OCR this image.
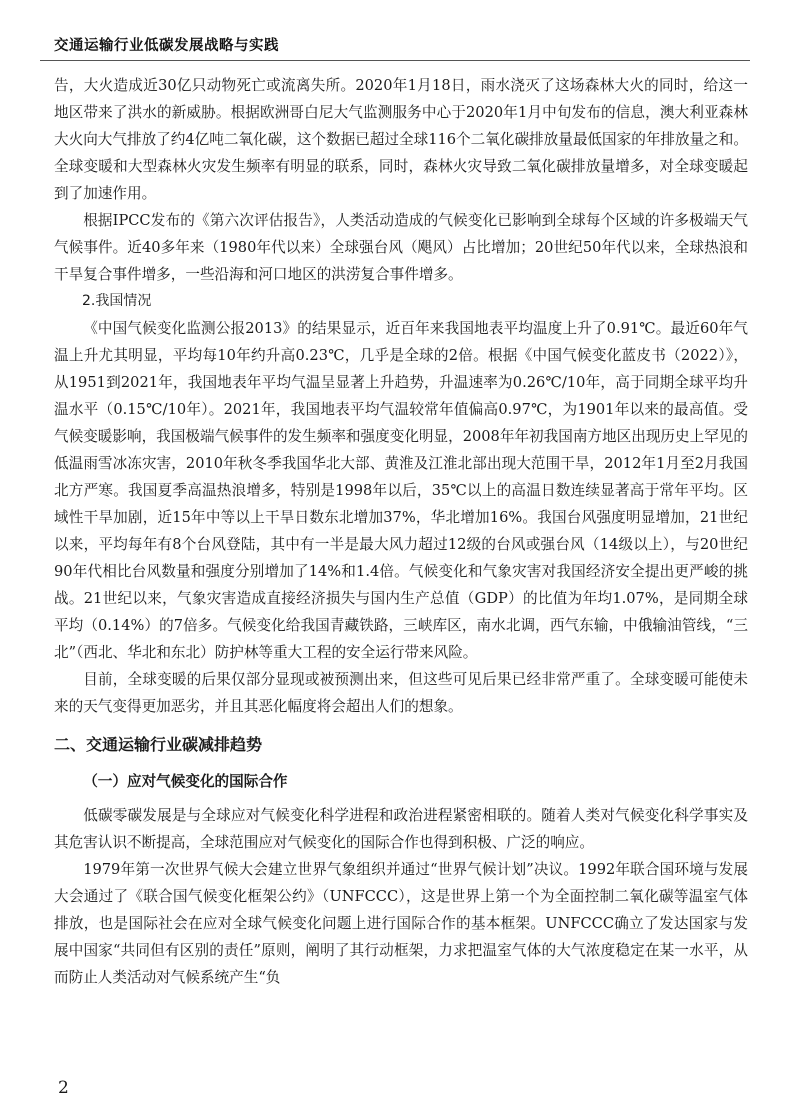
交通运输行业低碳发展战略与实践

告，大火造成近30亿只动物死亡或流离失所。2020年1月18日，雨水浇灭了这场森林大火的同时，给这一地区带来了洪水的新威胁。根据欧洲哥白尼大气监测服务中心于2020年1月中旬发布的信息，澳大利亚森林大火向大气排放了约4亿吨二氧化碳，这个数据已超过全球116个二氧化碳排放量最低国家的年排放量之和。全球变暖和大型森林火灾发生频率有明显的联系，同时，森林火灾导致二氧化碳排放量增多，对全球变暖起到了加速作用。

根据IPCC发布的《第六次评估报告》，人类活动造成的气候变化已影响到全球每个区域的许多极端天气气候事件。近40多年来（1980年代以来）全球强台风（飓风）占比增加；20世纪50年代以来，全球热浪和干旱复合事件增多，一些沿海和河口地区的洪涝复合事件增多。

2.我国情况

《中国气候变化监测公报2013》的结果显示，近百年来我国地表平均温度上升了0.91℃。最近60年气温上升尤其明显，平均每10年约升高0.23℃，几乎是全球的2倍。根据《中国气候变化蓝皮书（2022）》，从1951到2021年，我国地表年平均气温呈显著上升趋势，升温速率为0.26℃/10年，高于同期全球平均升温水平（0.15℃/10年）。2021年，我国地表平均气温较常年值偏高0.97℃，为1901年以来的最高值。受气候变暖影响，我国极端气候事件的发生频率和强度变化明显，2008年年初我国南方地区出现历史上罕见的低温雨雪冰冻灾害，2010年秋冬季我国华北大部、黄淮及江淮北部出现大范围干旱，2012年1月至2月我国北方严寒。我国夏季高温热浪增多，特别是1998年以后，35℃以上的高温日数连续显著高于常年平均。区域性干旱加剧，近15年中等以上干旱日数东北增加37%，华北增加16%。我国台风强度明显增加，21世纪以来，平均每年有8个台风登陆，其中有一半是最大风力超过12级的台风或强台风（14级以上），与20世纪90年代相比台风数量和强度分别增加了14%和1.4倍。气候变化和气象灾害对我国经济安全提出更严峻的挑战。21世纪以来，气象灾害造成直接经济损失与国内生产总值（GDP）的比值为年均1.07%，是同期全球平均（0.14%）的7倍多。气候变化给我国青藏铁路，三峡库区，南水北调，西气东输，中俄输油管线，“三北”（西北、华北和东北）防护林等重大工程的安全运行带来风险。

目前，全球变暖的后果仅部分显现或被预测出来，但这些可见后果已经非常严重了。全球变暖可能使未来的天气变得更加恶劣，并且其恶化幅度将会超出人们的想象。

二、交通运输行业碳减排趋势
（一）应对气候变化的国际合作

低碳零碳发展是与全球应对气候变化科学进程和政治进程紧密相联的。随着人类对气候变化科学事实及其危害认识不断提高，全球范围应对气候变化的国际合作也得到积极、广泛的响应。

1979年第一次世界气候大会建立世界气象组织并通过“世界气候计划”决议。1992年联合国环境与发展大会通过了《联合国气候变化框架公约》（UNFCCC），这是世界上第一个为全面控制二氧化碳等温室气体排放，也是国际社会在应对全球气候变化问题上进行国际合作的基本框架。UNFCCC确立了发达国家与发展中国家“共同但有区别的责任”原则，阐明了其行动框架，力求把温室气体的大气浓度稳定在某一水平，从而防止人类活动对气候系统产生“负

2
